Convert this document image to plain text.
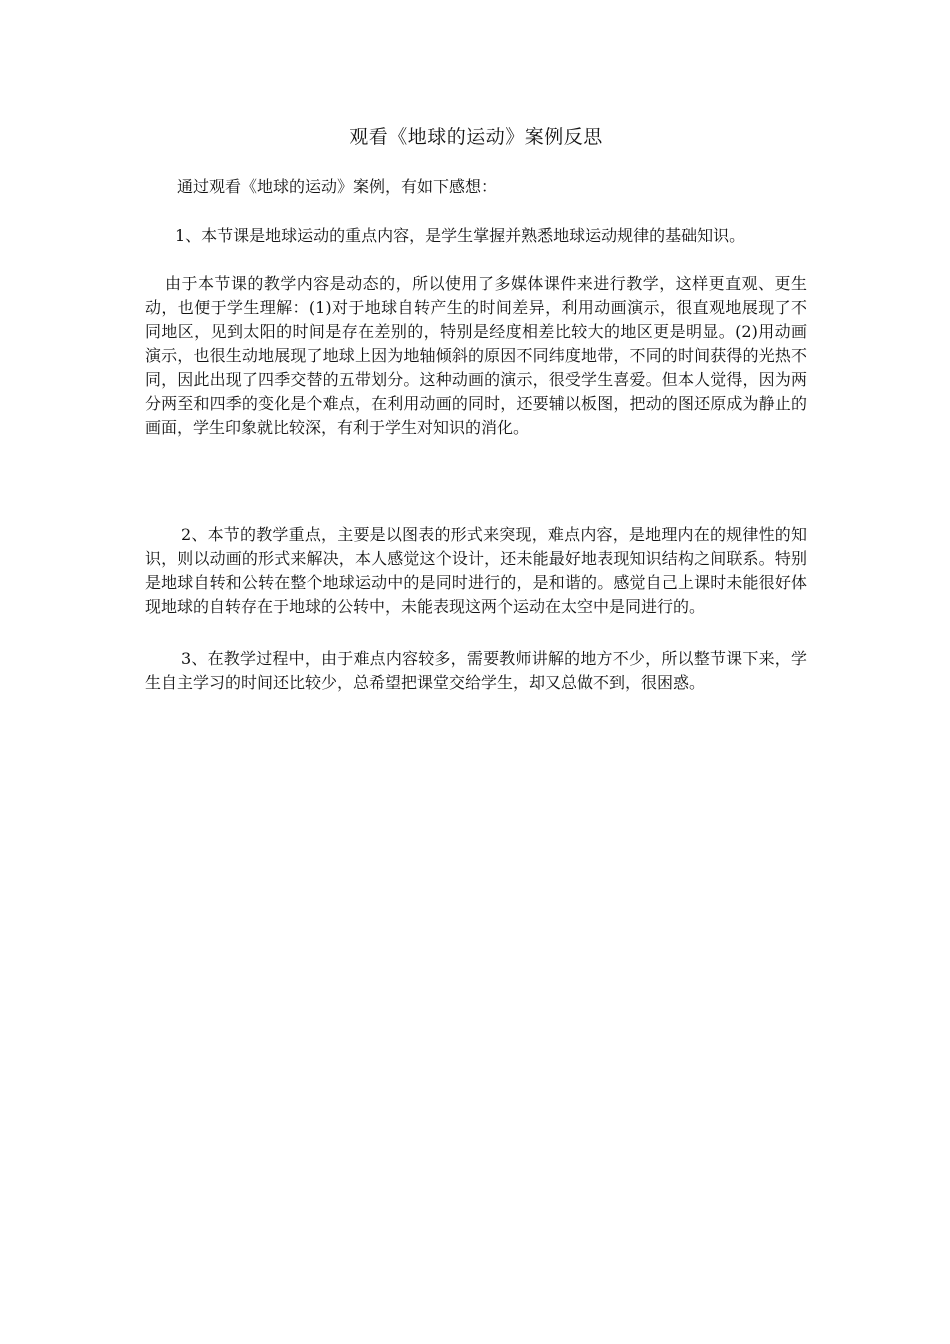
观看《地球的运动》案例反思

通过观看《地球的运动》案例，有如下感想：

1、本节课是地球运动的重点内容，是学生掌握并熟悉地球运动规律的基础知识。

由于本节课的教学内容是动态的，所以使用了多媒体课件来进行教学，这样更直观、更生动，也便于学生理解：(1)对于地球自转产生的时间差异，利用动画演示，很直观地展现了不同地区，见到太阳的时间是存在差别的，特别是经度相差比较大的地区更是明显。(2)用动画演示，也很生动地展现了地球上因为地轴倾斜的原因不同纬度地带，不同的时间获得的光热不同，因此出现了四季交替的五带划分。这种动画的演示，很受学生喜爱。但本人觉得，因为两分两至和四季的变化是个难点，在利用动画的同时，还要辅以板图，把动的图还原成为静止的画面，学生印象就比较深，有利于学生对知识的消化。

2、本节的教学重点，主要是以图表的形式来突现，难点内容，是地理内在的规律性的知识，则以动画的形式来解决，本人感觉这个设计，还未能最好地表现知识结构之间联系。特别是地球自转和公转在整个地球运动中的是同时进行的，是和谐的。感觉自己上课时未能很好体现地球的自转存在于地球的公转中，未能表现这两个运动在太空中是同进行的。

3、在教学过程中，由于难点内容较多，需要教师讲解的地方不少，所以整节课下来，学生自主学习的时间还比较少，总希望把课堂交给学生，却又总做不到，很困惑。
